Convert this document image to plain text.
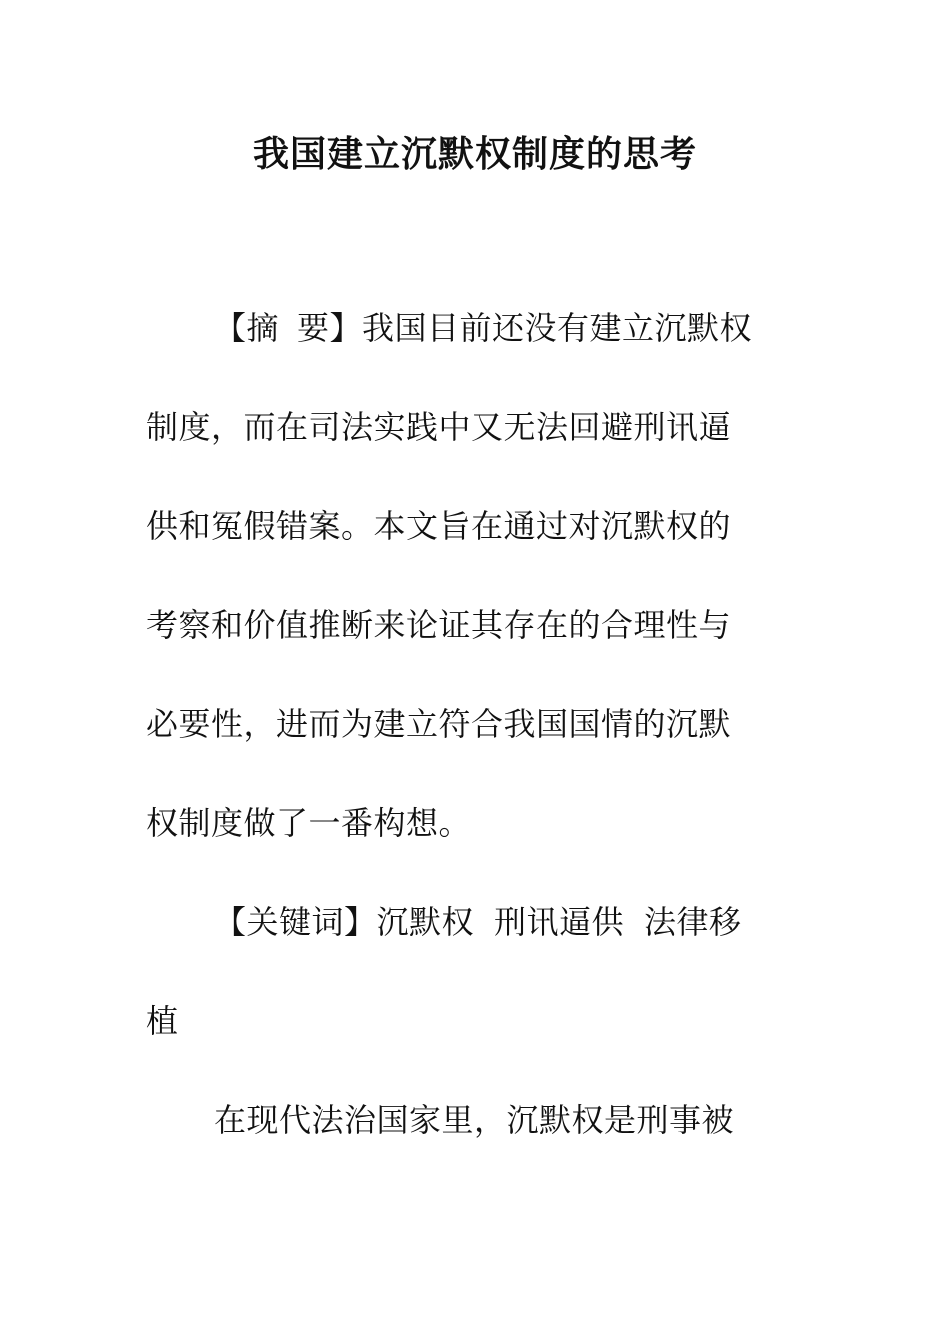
我国建立沉默权制度的思考
【摘 要】我国目前还没有建立沉默权
制度，而在司法实践中又无法回避刑讯逼
供和冤假错案。本文旨在通过对沉默权的
考察和价值推断来论证其存在的合理性与
必要性，进而为建立符合我国国情的沉默
权制度做了一番构想。
【关键词】沉默权 刑讯逼供 法律移
植
在现代法治国家里，沉默权是刑事被
